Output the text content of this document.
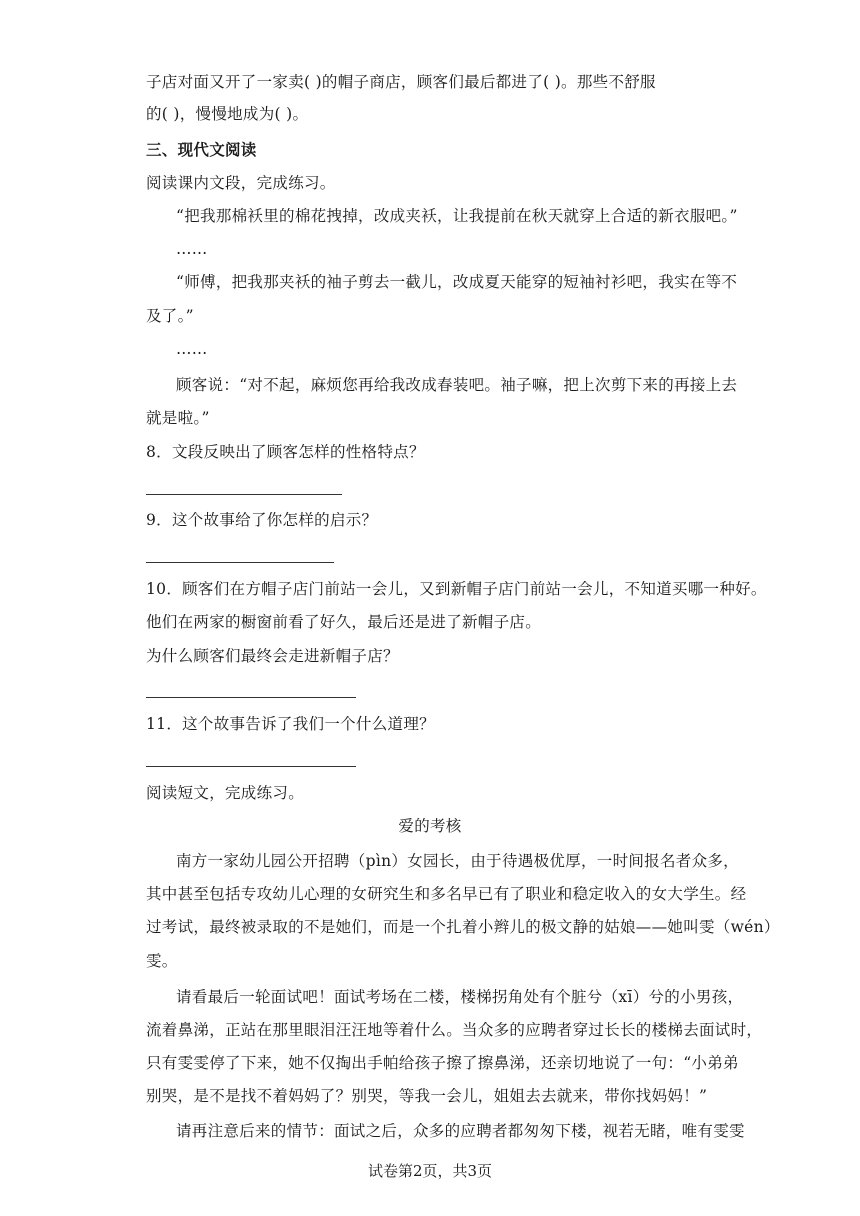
子店对面又开了一家卖( )的帽子商店，顾客们最后都进了( )。那些不舒服
的( )，慢慢地成为( )。
三、现代文阅读
阅读课内文段，完成练习。
“把我那棉袄里的棉花拽掉，改成夹袄，让我提前在秋天就穿上合适的新衣服吧。”
……
“师傅，把我那夹袄的袖子剪去一截儿，改成夏天能穿的短袖衬衫吧，我实在等不
及了。”
……
顾客说：“对不起，麻烦您再给我改成春装吧。袖子嘛，把上次剪下来的再接上去
就是啦。”
8．文段反映出了顾客怎样的性格特点？
9．这个故事给了你怎样的启示？
10．顾客们在方帽子店门前站一会儿，又到新帽子店门前站一会儿，不知道买哪一种好。
他们在两家的橱窗前看了好久，最后还是进了新帽子店。
为什么顾客们最终会走进新帽子店？
11．这个故事告诉了我们一个什么道理？
阅读短文，完成练习。
爱的考核
南方一家幼儿园公开招聘（pìn）女园长，由于待遇极优厚，一时间报名者众多，
其中甚至包括专攻幼儿心理的女研究生和多名早已有了职业和稳定收入的女大学生。经
过考试，最终被录取的不是她们，而是一个扎着小辫儿的极文静的姑娘——她叫雯（wén）
雯。
请看最后一轮面试吧！面试考场在二楼，楼梯拐角处有个脏兮（xī）兮的小男孩，
流着鼻涕，正站在那里眼泪汪汪地等着什么。当众多的应聘者穿过长长的楼梯去面试时，
只有雯雯停了下来，她不仅掏出手帕给孩子擦了擦鼻涕，还亲切地说了一句：“小弟弟
别哭，是不是找不着妈妈了？别哭，等我一会儿，姐姐去去就来，带你找妈妈！”
请再注意后来的情节：面试之后，众多的应聘者都匆匆下楼，视若无睹，唯有雯雯
试卷第2页，共3页
